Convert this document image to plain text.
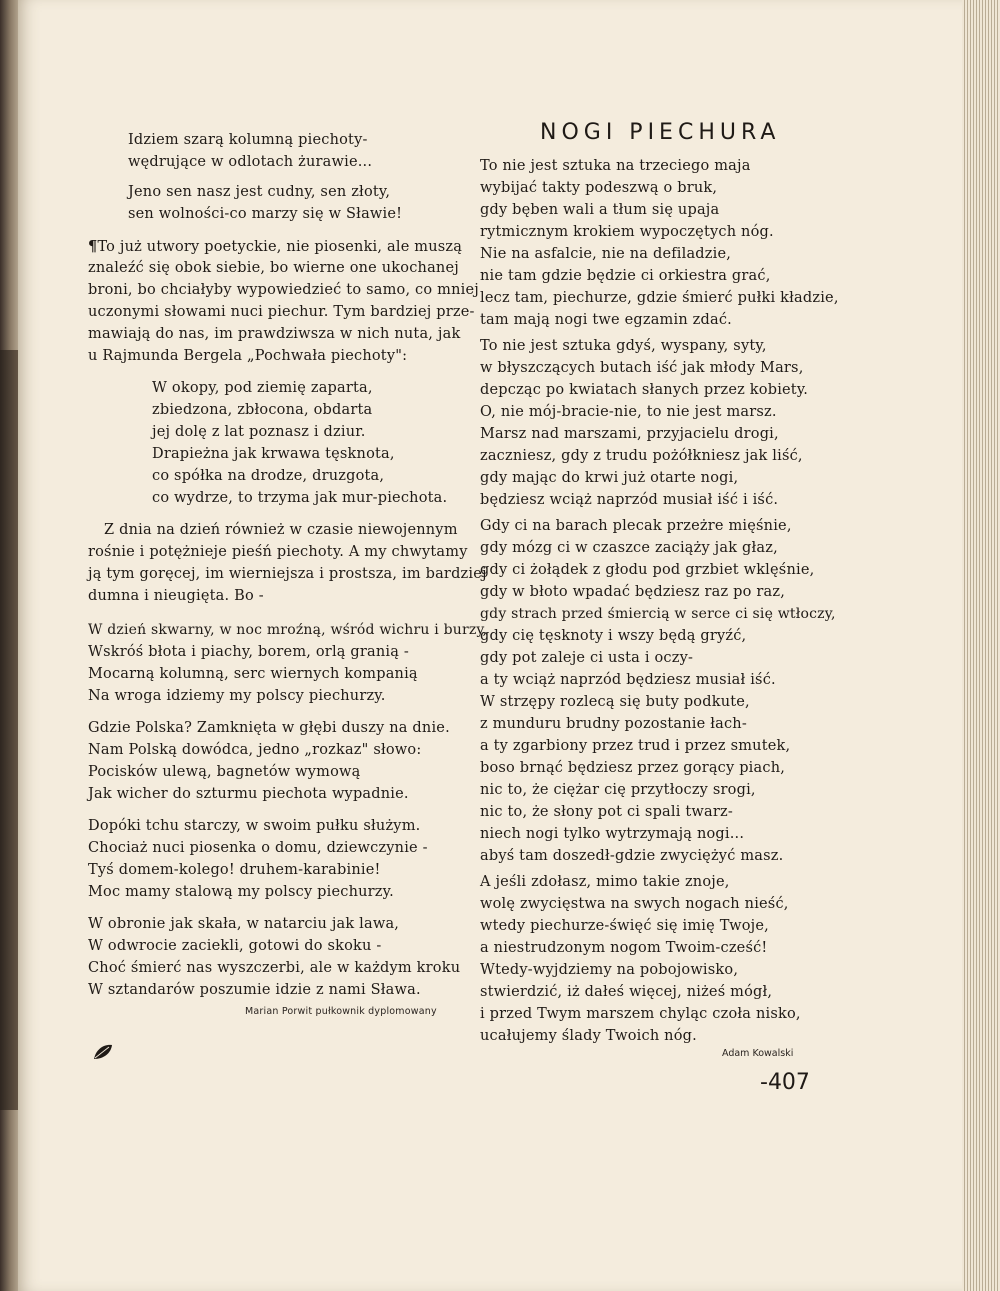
Idziem szarą kolumną piechoty-
wędrujące w odlotach żurawie...
Jeno sen nasz jest cudny, sen złoty,
sen wolności-co marzy się w Sławie!
¶To już utwory poetyckie, nie piosenki, ale muszą
znaleźć się obok siebie, bo wierne one ukochanej
broni, bo chciałyby wypowiedzieć to samo, co mniej
uczonymi słowami nuci piechur. Tym bardziej prze-
mawiają do nas, im prawdziwsza w nich nuta, jak
u Rajmunda Bergela „Pochwała piechoty":
W okopy, pod ziemię zaparta,
zbiedzona, zbłocona, obdarta
jej dolę z lat poznasz i dziur.
Drapieżna jak krwawa tęsknota,
co spółka na drodze, druzgota,
co wydrze, to trzyma jak mur-piechota.
Z dnia na dzień również w czasie niewojennym
rośnie i potężnieje pieśń piechoty. A my chwytamy
ją tym goręcej, im wierniejsza i prostsza, im bardziej
dumna i nieugięta. Bo -
W dzień skwarny, w noc mroźną, wśród wichru i burzy,
Wskróś błota i piachy, borem, orlą granią -
Mocarną kolumną, serc wiernych kompanią
Na wroga idziemy my polscy piechurzy.
Gdzie Polska? Zamknięta w głębi duszy na dnie.
Nam Polską dowódca, jedno „rozkaz" słowo:
Pocisków ulewą, bagnetów wymową
Jak wicher do szturmu piechota wypadnie.
Dopóki tchu starczy, w swoim pułku służym.
Chociaż nuci piosenka o domu, dziewczynie -
Tyś domem-kolego! druhem-karabinie!
Moc mamy stalową my polscy piechurzy.
W obronie jak skała, w natarciu jak lawa,
W odwrocie zaciekli, gotowi do skoku -
Choć śmierć nas wyszczerbi, ale w każdym kroku
W sztandarów poszumie idzie z nami Sława.
Marian Porwit pułkownik dyplomowany
NOGI PIECHURA
To nie jest sztuka na trzeciego maja
wybijać takty podeszwą o bruk,
gdy bęben wali a tłum się upaja
rytmicznym krokiem wypoczętych nóg.
Nie na asfalcie, nie na defiladzie,
nie tam gdzie będzie ci orkiestra grać,
lecz tam, piechurze, gdzie śmierć pułki kładzie,
tam mają nogi twe egzamin zdać.
To nie jest sztuka gdyś, wyspany, syty,
w błyszczących butach iść jak młody Mars,
depcząc po kwiatach słanych przez kobiety.
O, nie mój-bracie-nie, to nie jest marsz.
Marsz nad marszami, przyjacielu drogi,
zaczniesz, gdy z trudu pożółkniesz jak liść,
gdy mając do krwi już otarte nogi,
będziesz wciąż naprzód musiał iść i iść.
Gdy ci na barach plecak przeżre mięśnie,
gdy mózg ci w czaszce zaciąży jak głaz,
gdy ci żołądek z głodu pod grzbiet wklęśnie,
gdy w błoto wpadać będziesz raz po raz,
gdy strach przed śmiercią w serce ci się wtłoczy,
gdy cię tęsknoty i wszy będą gryźć,
gdy pot zaleje ci usta i oczy-
a ty wciąż naprzód będziesz musiał iść.
W strzępy rozlecą się buty podkute,
z munduru brudny pozostanie łach-
a ty zgarbiony przez trud i przez smutek,
boso brnąć będziesz przez gorący piach,
nic to, że ciężar cię przytłoczy srogi,
nic to, że słony pot ci spali twarz-
niech nogi tylko wytrzymają nogi...
abyś tam doszedł-gdzie zwyciężyć masz.
A jeśli zdołasz, mimo takie znoje,
wolę zwycięstwa na swych nogach nieść,
wtedy piechurze-święć się imię Twoje,
a niestrudzonym nogom Twoim-cześć!
Wtedy-wyjdziemy na pobojowisko,
stwierdzić, iż dałeś więcej, niżeś mógł,
i przed Twym marszem chyląc czoła nisko,
ucałujemy ślady Twoich nóg.
Adam Kowalski
-407
